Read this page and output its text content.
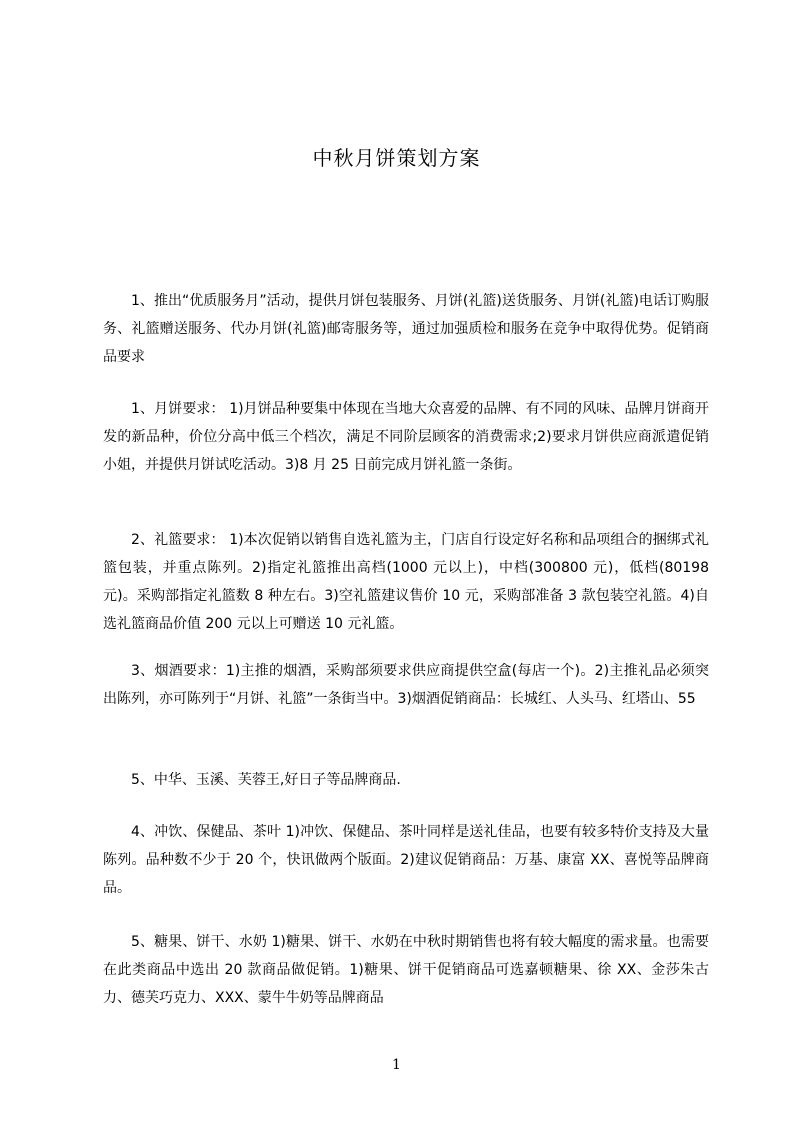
中秋月饼策划方案
1、推出“优质服务月”活动，提供月饼包装服务、月饼(礼篮)送货服务、月饼(礼篮)电话订购服务、礼篮赠送服务、代办月饼(礼篮)邮寄服务等，通过加强质检和服务在竞争中取得优势。促销商品要求
1、月饼要求： 1)月饼品种要集中体现在当地大众喜爱的品牌、有不同的风味、品牌月饼商开发的新品种，价位分高中低三个档次，满足不同阶层顾客的消费需求;2)要求月饼供应商派遣促销小姐，并提供月饼试吃活动。3)8 月 25 日前完成月饼礼篮一条街。
2、礼篮要求： 1)本次促销以销售自选礼篮为主，门店自行设定好名称和品项组合的捆绑式礼篮包装，并重点陈列。2)指定礼篮推出高档(1000 元以上)，中档(300800 元)，低档(80198 元)。采购部指定礼篮数 8 种左右。3)空礼篮建议售价 10 元，采购部准备 3 款包装空礼篮。4)自选礼篮商品价值 200 元以上可赠送 10 元礼篮。
3、烟酒要求：1)主推的烟酒，采购部须要求供应商提供空盒(每店一个)。2)主推礼品必须突出陈列，亦可陈列于“月饼、礼篮”一条街当中。3)烟酒促销商品：长城红、人头马、红塔山、55
5、中华、玉溪、芙蓉王,好日子等品牌商品.
4、冲饮、保健品、茶叶 1)冲饮、保健品、茶叶同样是送礼佳品，也要有较多特价支持及大量陈列。品种数不少于 20 个，快讯做两个版面。2)建议促销商品：万基、康富 XX、喜悦等品牌商品。
5、糖果、饼干、水奶 1)糖果、饼干、水奶在中秋时期销售也将有较大幅度的需求量。也需要在此类商品中选出 20 款商品做促销。1)糖果、饼干促销商品可选嘉顿糖果、徐 XX、金莎朱古力、德芙巧克力、XXX、蒙牛牛奶等品牌商品
1
